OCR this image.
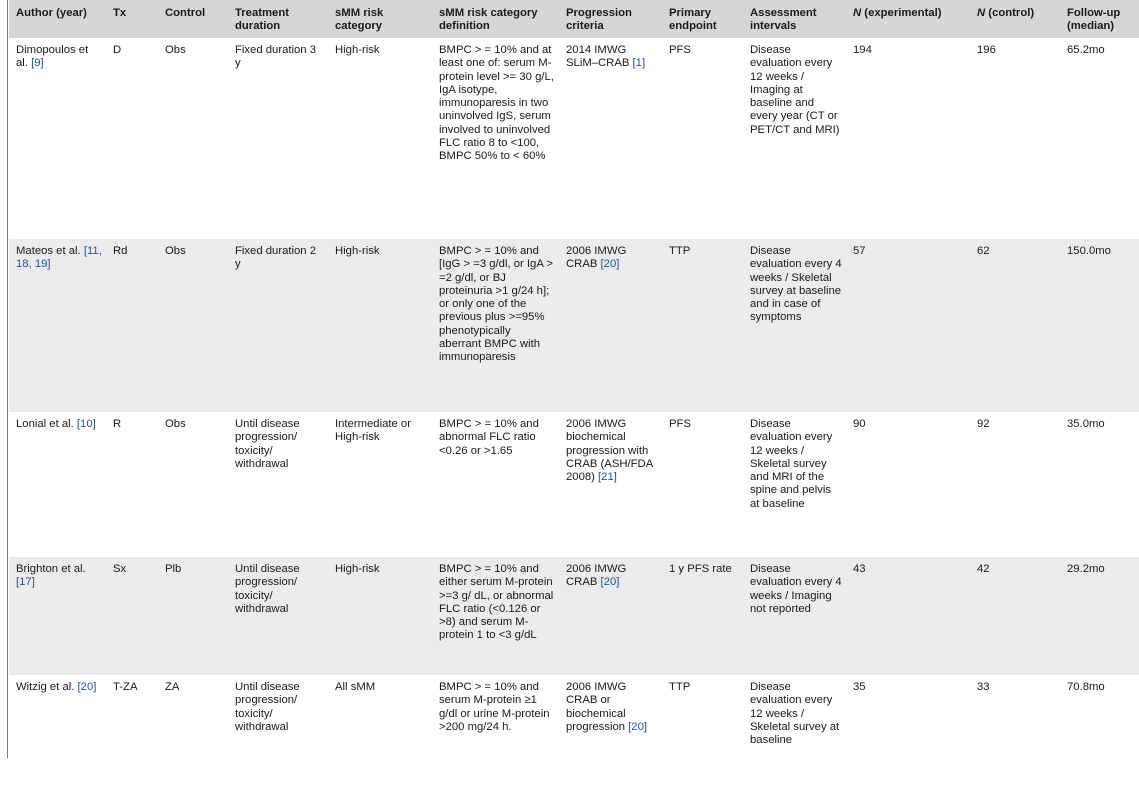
Author (year)	Tx	Control	Treatment duration	sMM risk category	sMM risk category definition	Progression criteria	Primary endpoint	Assessment intervals	N (experimental)	N (control)	Follow-up (median)
Dimopoulos et al. [9]	D	Obs	Fixed duration 3 y	High-risk	BMPC > = 10% and at least one of: serum M-protein level >= 30 g/L, IgA isotype, immunoparesis in two uninvolved IgS, serum involved to uninvolved FLC ratio 8 to <100, BMPC 50% to < 60%	2014 IMWG SLiM–CRAB [1]	PFS	Disease evaluation every 12 weeks / Imaging at baseline and every year (CT or PET/CT and MRI)	194	196	65.2mo
Mateos et al. [11, 18, 19]	Rd	Obs	Fixed duration 2 y	High-risk	BMPC > = 10% and [IgG > =3 g/dl, or IgA > =2 g/dl, or BJ proteinuria >1 g/24 h]; or only one of the previous plus >=95% phenotypically aberrant BMPC with immunoparesis	2006 IMWG CRAB [20]	TTP	Disease evaluation every 4 weeks / Skeletal survey at baseline and in case of symptoms	57	62	150.0mo
Lonial et al. [10]	R	Obs	Until disease progression/ toxicity/ withdrawal	Intermediate or High-risk	BMPC > = 10% and abnormal FLC ratio <0.26 or >1.65	2006 IMWG biochemical progression with CRAB (ASH/FDA 2008) [21]	PFS	Disease evaluation every 12 weeks / Skeletal survey and MRI of the spine and pelvis at baseline	90	92	35.0mo
Brighton et al. [17]	Sx	Plb	Until disease progression/ toxicity/ withdrawal	High-risk	BMPC > = 10% and either serum M-protein >=3 g/ dL, or abnormal FLC ratio (<0.126 or >8) and serum M-protein 1 to <3 g/dL	2006 IMWG CRAB [20]	1 y PFS rate	Disease evaluation every 4 weeks / Imaging not reported	43	42	29.2mo
Witzig et al. [20]	T-ZA	ZA	Until disease progression/ toxicity/ withdrawal	All sMM	BMPC > = 10% and serum M-protein ≥1 g/dl or urine M-protein >200 mg/24 h.	2006 IMWG CRAB or biochemical progression [20]	TTP	Disease evaluation every 12 weeks / Skeletal survey at baseline	35	33	70.8mo
